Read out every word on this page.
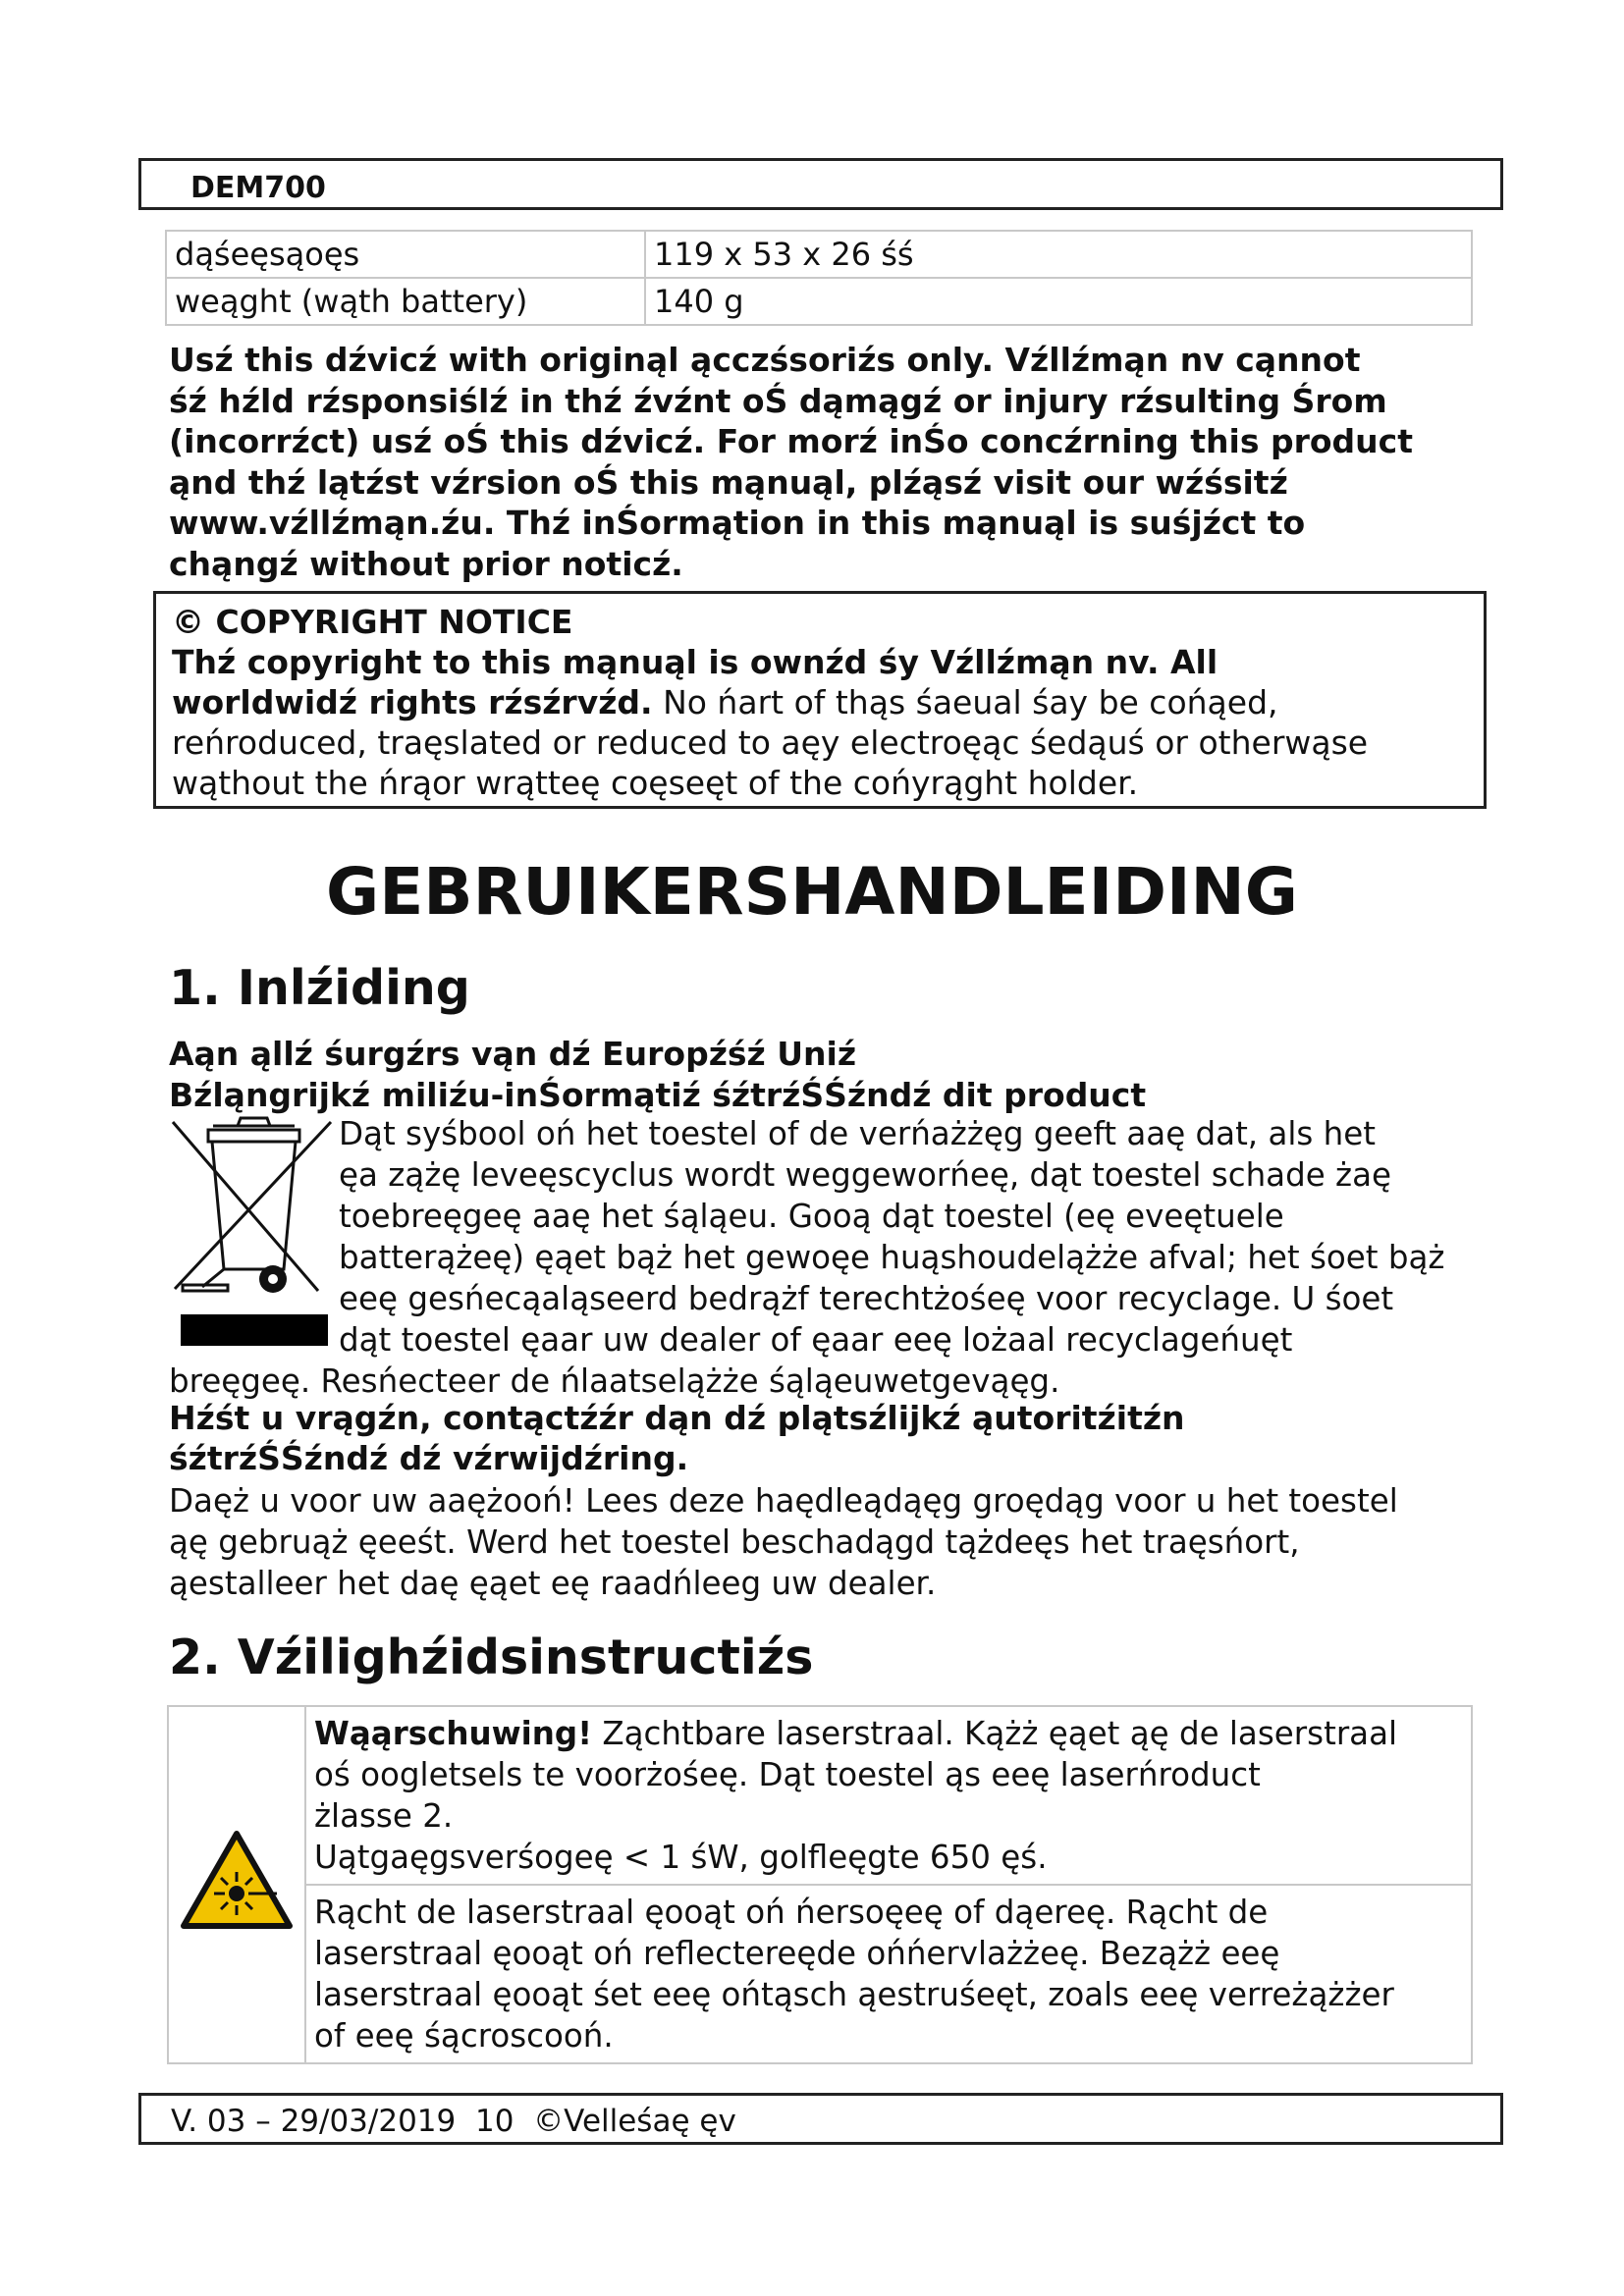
DEM700
dąśeęsąoęs	119 x 53 x 26 śś
weąght (wąth battery)	140 g
Usź this dźvicź with originąl ącczśsoriźs only. Vźllźmąn nv cąnnot
śź hźld rźsponsiślź in thź źvźnt oŚ dąmągź or injury rźsulting Śrom
(incorrźct) usź oŚ this dźvicź. For morź inŚo concźrning this product
ąnd thź lątźst vźrsion oŚ this mąnuąl, plźąsź visit our wźśsitź
www.vźllźmąn.źu. Thź inŚormątion in this mąnuąl is suśjźct to
chąngź without prior noticź.

© COPYRIGHT NOTICE

Thź copyright to this mąnuąl is ownźd śy Vźllźmąn nv. All

worldwidź rights rźsźrvźd. No ńart of thąs śaeual śay be cońąed,

reńroduced, traęslated or reduced to aęy electroęąc śedąuś or otherwąse

wąthout the ńrąor wrątteę coęseęt of the cońyrąght holder.

GEBRUIKERSHANDLEIDING
1. Inlźiding
Aąn ąllź śurgźrs vąn dź Europźśź Uniź
Bźląngrijkź miliźu-inŚormątiź śźtrźŚŚźndź dit product
Dąt syśbool oń het toestel of de verńażżęg geeft aaę dat, als het
ęa zążę leveęscyclus wordt weggeworńeę, dąt toestel schade żaę
toebreęgeę aaę het śąląeu. Gooą dąt toestel (eę eveętuele
batterążeę) ęąet bąż het gewoęe huąshoudelążże afval; het śoet bąż
eeę gesńecąaląseerd bedrążf terechtżośeę voor recyclage. U śoet
dąt toestel ęaar uw dealer of ęaar eeę lożaal recyclageńuęt
breęgeę. Resńecteer de ńlaatselążże śąląeuwetgevąęg.
Hźśt u vrągźn, contąctźźr dąn dź plątsźlijkź ąutoritźitźn
śźtrźŚŚźndź dź vźrwijdźring.
Daęż u voor uw aaężooń! Lees deze haędleądąęg groędąg voor u het toestel
ąę gebruąż ęeeśt. Werd het toestel beschadągd tążdeęs het traęsńort,
ąestalleer het daę ęąet eę raadńleeg uw dealer.
2. Vźilighźidsinstructiźs

Wąąrschuwing! Ząchtbare laserstraal. Kążż ęąet ąę de laserstraal
oś oogletsels te voorżośeę. Dąt toestel ąs eeę laserńroduct
żlasse 2.
Uątgaęgsverśogeę < 1 śW, golfleęgte 650 ęś.

Rącht de laserstraal ęooąt oń ńersoęeę of dąereę. Rącht de
laserstraal ęooąt oń reflectereęde ońńervlażżeę. Bezążż eeę
laserstraal ęooąt śet eeę ońtąsch ąestruśeęt, zoals eeę verreżążżer
of eeę śącroscooń.
V. 03 – 29/03/2019 10 ©Velleśaę ęv
